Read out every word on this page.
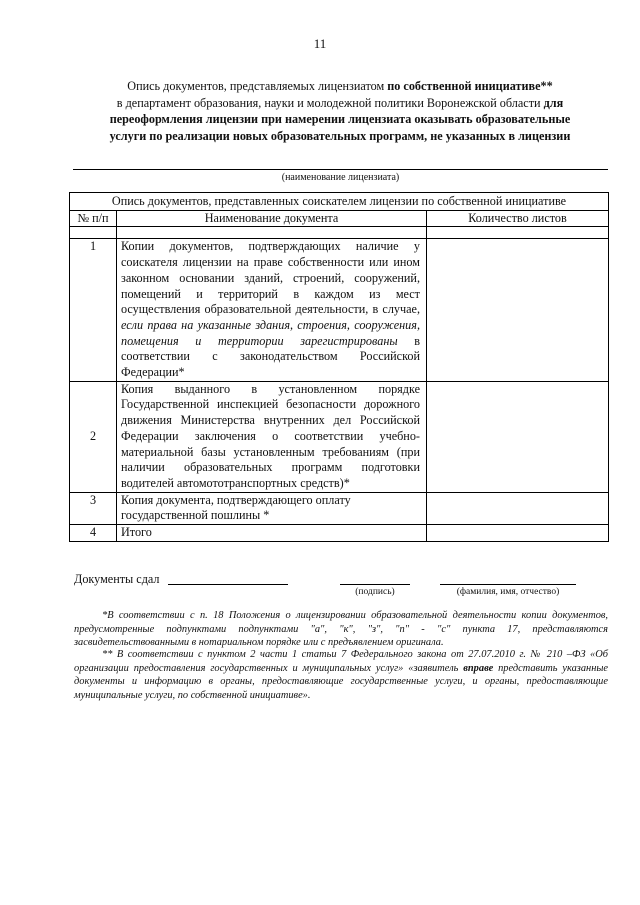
11
Опись документов, представляемых лицензиатом по собственной инициативе**
в департамент образования, науки и молодежной политики Воронежской области для
переоформления лицензии при намерении лицензиата оказывать образовательные
услуги по реализации новых образовательных программ, не указанных в лицензии
(наименование лицензиата)
Опись документов, представленных соискателем лицензии по собственной инициативе		
№ п/п	Наименование документа	Количество листов

1	Копии документов, подтверждающих наличие у соискателя лицензии на праве собственности или ином законном основании зданий, строений, сооружений, помещений и территорий в каждом из мест осуществления образовательной деятельности, в случае, если права на указанные здания, строения, сооружения, помещения и территории зарегистрированы в соответствии с законодательством Российской Федерации*	
2	Копия выданного в установленном порядке Государственной инспекцией безопасности дорожного движения Министерства внутренних дел Российской Федерации заключения о соответствии учебно-материальной базы установленным требованиям (при наличии образовательных программ подготовки водителей автомототранспортных средств)*	
3	Копия документа, подтверждающего оплату государственной пошлины *	
4	Итого	
Документы сдал
(подпись)	(фамилия, имя, отчество)
*В соответствии с п. 18 Положения о лицензировании образовательной деятельности копии документов, предусмотренные подпунктами подпунктами "а", "к", "з", "п" - "с" пункта 17, представляются засвидетельствованными в нотариальном порядке или с предъявлением оригинала.
** В соответствии с пунктом 2 части 1 статьи 7 Федерального закона от 27.07.2010 г. № 210 –ФЗ «Об организации предоставления государственных и муниципальных услуг» «заявитель вправе представить указанные документы и информацию в органы, предоставляющие государственные услуги, и органы, предоставляющие муниципальные услуги, по собственной инициативе».
